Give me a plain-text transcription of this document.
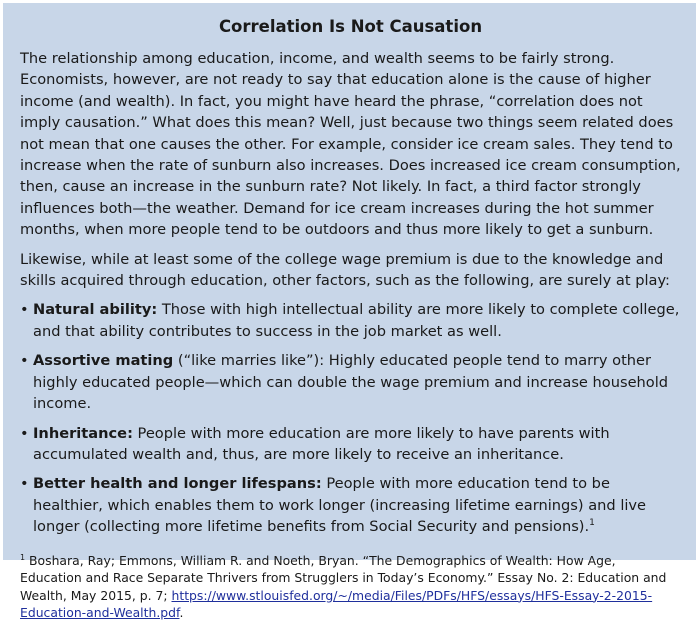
Correlation Is Not Causation

The relationship among education, income, and wealth seems to be fairly strong. Economists, however, are not ready to say that education alone is the cause of higher income (and wealth). In fact, you might have heard the phrase, “correlation does not imply causation.” What does this mean? Well, just because two things seem related does not mean that one causes the other. For example, consider ice cream sales. They tend to increase when the rate of sunburn also increases. Does increased ice cream consumption, then, cause an increase in the sunburn rate? Not likely. In fact, a third factor strongly influences both—the weather. Demand for ice cream increases during the hot summer months, when more people tend to be outdoors and thus more likely to get a sunburn.

Likewise, while at least some of the college wage premium is due to the knowledge and skills acquired through education, other factors, such as the following, are surely at play:

• Natural ability: Those with high intellectual ability are more likely to complete college, and that ability contributes to success in the job market as well.
• Assortive mating (“like marries like”): Highly educated people tend to marry other highly educated people—which can double the wage premium and increase household income.
• Inheritance: People with more education are more likely to have parents with accumulated wealth and, thus, are more likely to receive an inheritance.
• Better health and longer lifespans: People with more education tend to be healthier, which enables them to work longer (increasing lifetime earnings) and live longer (collecting more lifetime benefits from Social Security and pensions).$^1$
$^1$ Boshara, Ray; Emmons, William R. and Noeth, Bryan. “The Demographics of Wealth: How Age, Education and Race Separate Thrivers from Strugglers in Today’s Economy.” Essay No. 2: Education and Wealth, May 2015, p. 7; https://www.stlouisfed.org/~/media/Files/PDFs/HFS/essays/HFS-Essay-2-2015-Education-and-Wealth.pdf.
